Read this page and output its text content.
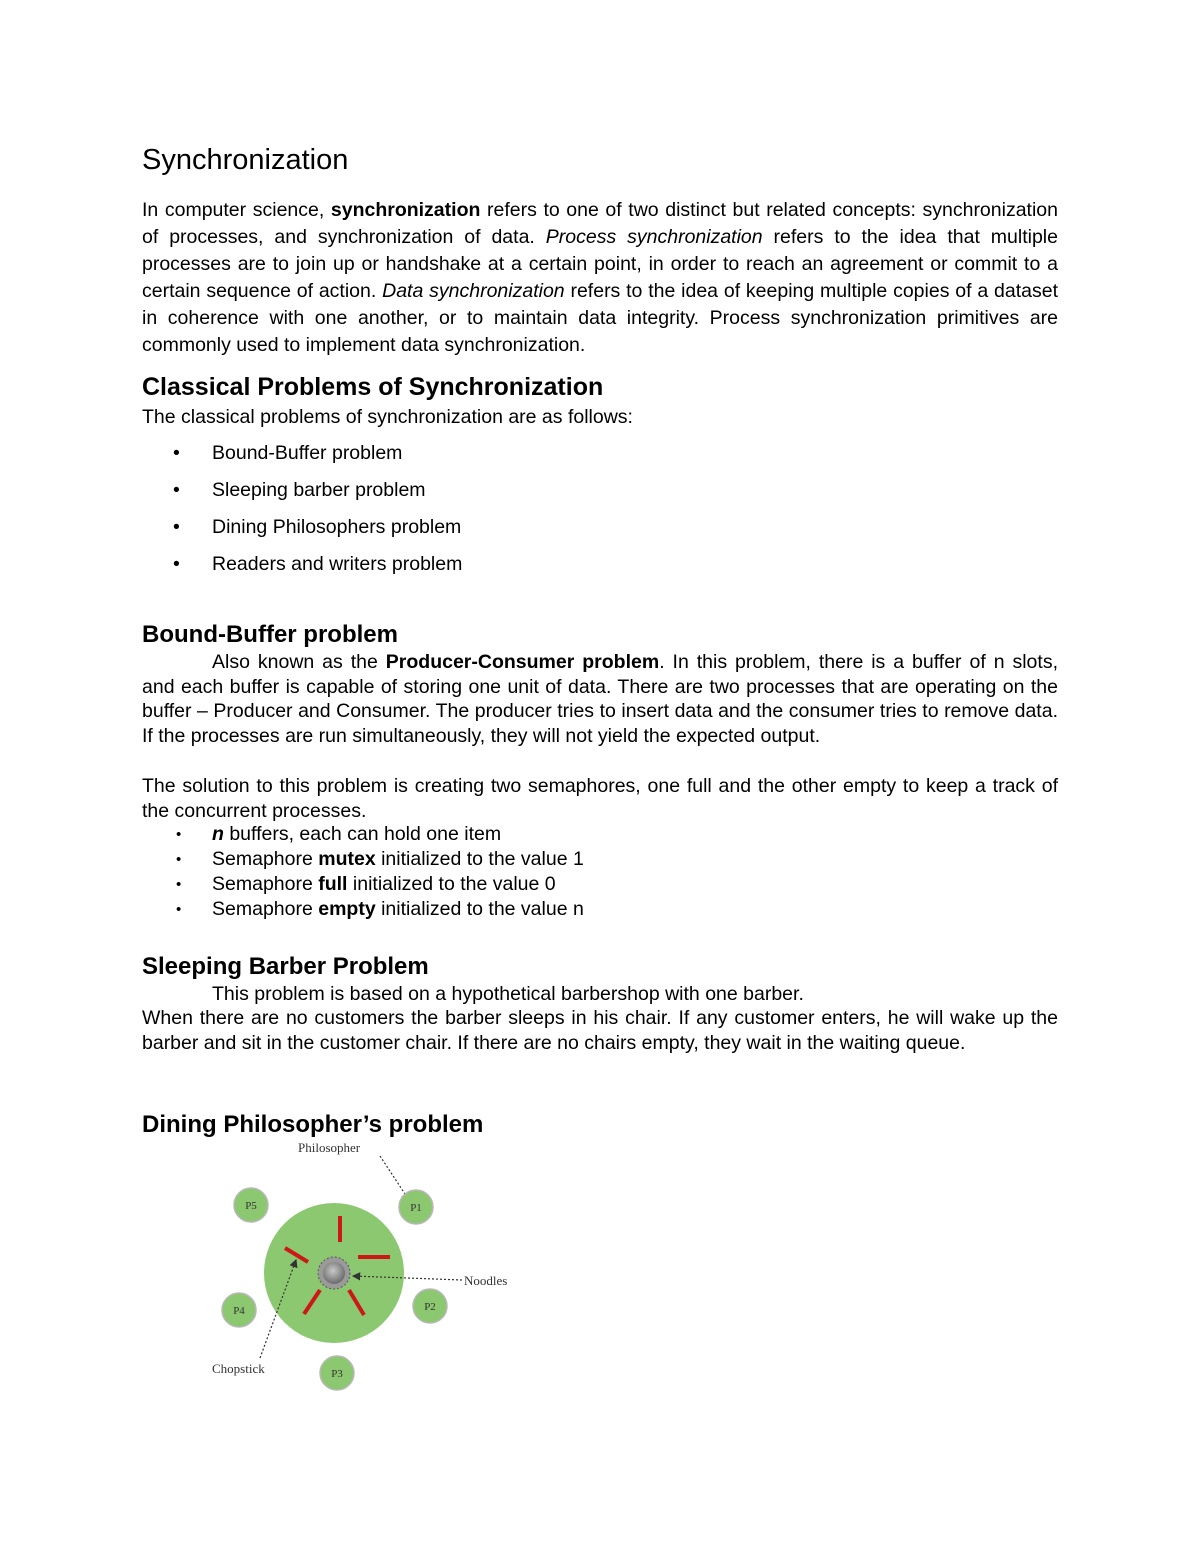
Synchronization

In computer science, synchronization refers to one of two distinct but related concepts: synchronization of processes, and synchronization of data. Process synchronization refers to the idea that multiple processes are to join up or handshake at a certain point, in order to reach an agreement or commit to a certain sequence of action. Data synchronization refers to the idea of keeping multiple copies of a dataset in coherence with one another, or to maintain data integrity. Process synchronization primitives are commonly used to implement data synchronization.

Classical Problems of Synchronization

The classical problems of synchronization are as follows:

• Bound-Buffer problem
• Sleeping barber problem
• Dining Philosophers problem
• Readers and writers problem
Bound-Buffer problem

Also known as the Producer-Consumer problem. In this problem, there is a buffer of n slots, and each buffer is capable of storing one unit of data. There are two processes that are operating on the buffer – Producer and Consumer. The producer tries to insert data and the consumer tries to remove data. If the processes are run simultaneously, they will not yield the expected output.

The solution to this problem is creating two semaphores, one full and the other empty to keep a track of the concurrent processes.

• n buffers, each can hold one item
• Semaphore mutex initialized to the value 1
• Semaphore full initialized to the value 0
• Semaphore empty initialized to the value n
Sleeping Barber Problem

This problem is based on a hypothetical barbershop with one barber.

When there are no customers the barber sleeps in his chair. If any customer enters, he will wake up the barber and sit in the customer chair. If there are no chairs empty, they wait in the waiting queue.

Dining Philosopher’s problem
Philosopher
Noodles
Chopstick
P5	P1
P2
P3
P4
